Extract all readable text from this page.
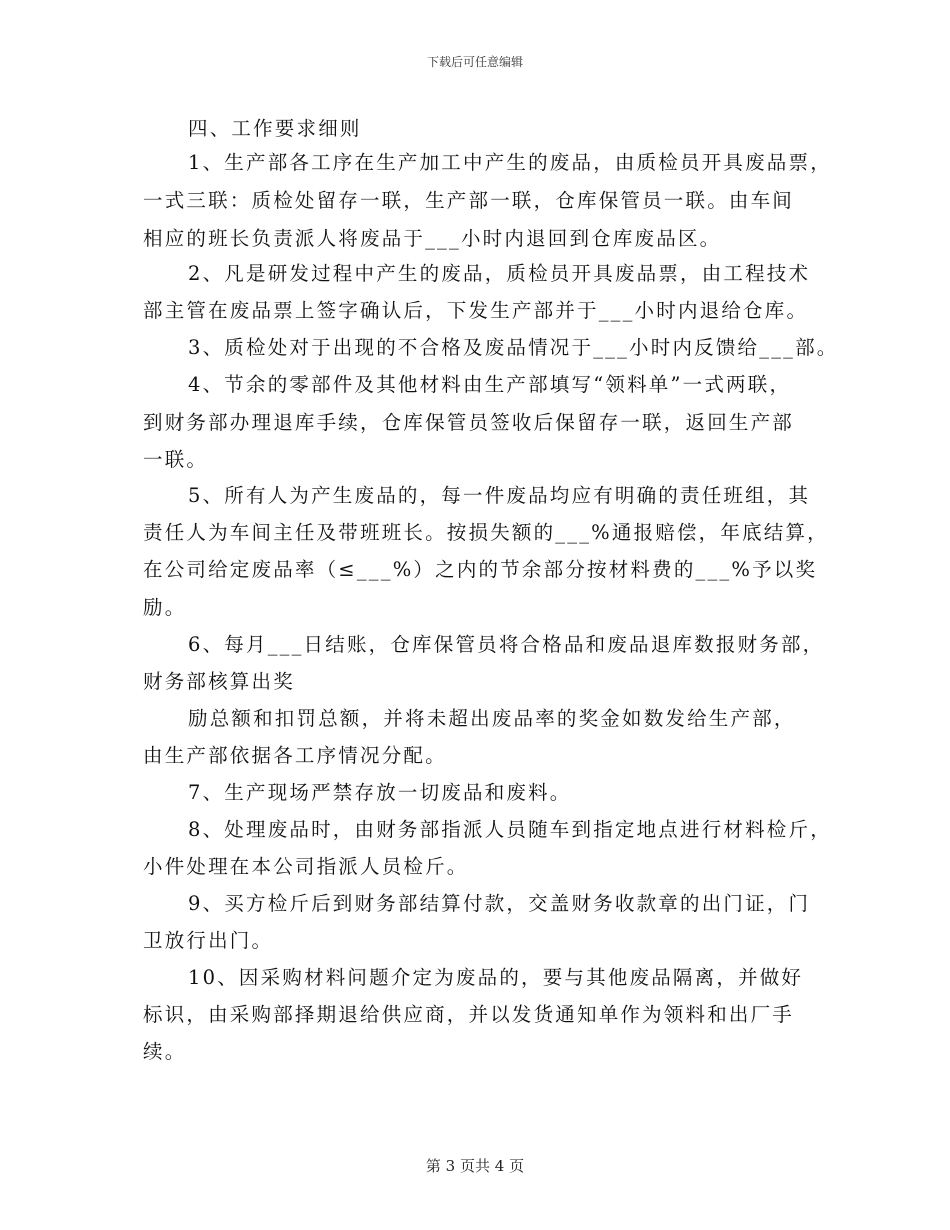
下载后可任意编辑
四、工作要求细则
1、生产部各工序在生产加工中产生的废品，由质检员开具废品票，
一式三联：质检处留存一联，生产部一联，仓库保管员一联。由车间
相应的班长负责派人将废品于___小时内退回到仓库废品区。
2、凡是研发过程中产生的废品，质检员开具废品票，由工程技术
部主管在废品票上签字确认后，下发生产部并于___小时内退给仓库。
3、质检处对于出现的不合格及废品情况于___小时内反馈给___部。
4、节余的零部件及其他材料由生产部填写“领料单”一式两联，
到财务部办理退库手续，仓库保管员签收后保留存一联，返回生产部
一联。
5、所有人为产生废品的，每一件废品均应有明确的责任班组，其
责任人为车间主任及带班班长。按损失额的___%通报赔偿，年底结算，
在公司给定废品率（≤___%）之内的节余部分按材料费的___%予以奖
励。
6、每月___日结账，仓库保管员将合格品和废品退库数报财务部，
财务部核算出奖
励总额和扣罚总额，并将未超出废品率的奖金如数发给生产部，
由生产部依据各工序情况分配。
7、生产现场严禁存放一切废品和废料。
8、处理废品时，由财务部指派人员随车到指定地点进行材料检斤，
小件处理在本公司指派人员检斤。
9、买方检斤后到财务部结算付款，交盖财务收款章的出门证，门
卫放行出门。
10、因采购材料问题介定为废品的，要与其他废品隔离，并做好
标识，由采购部择期退给供应商，并以发货通知单作为领料和出厂手
续。
第 3 页共 4 页
